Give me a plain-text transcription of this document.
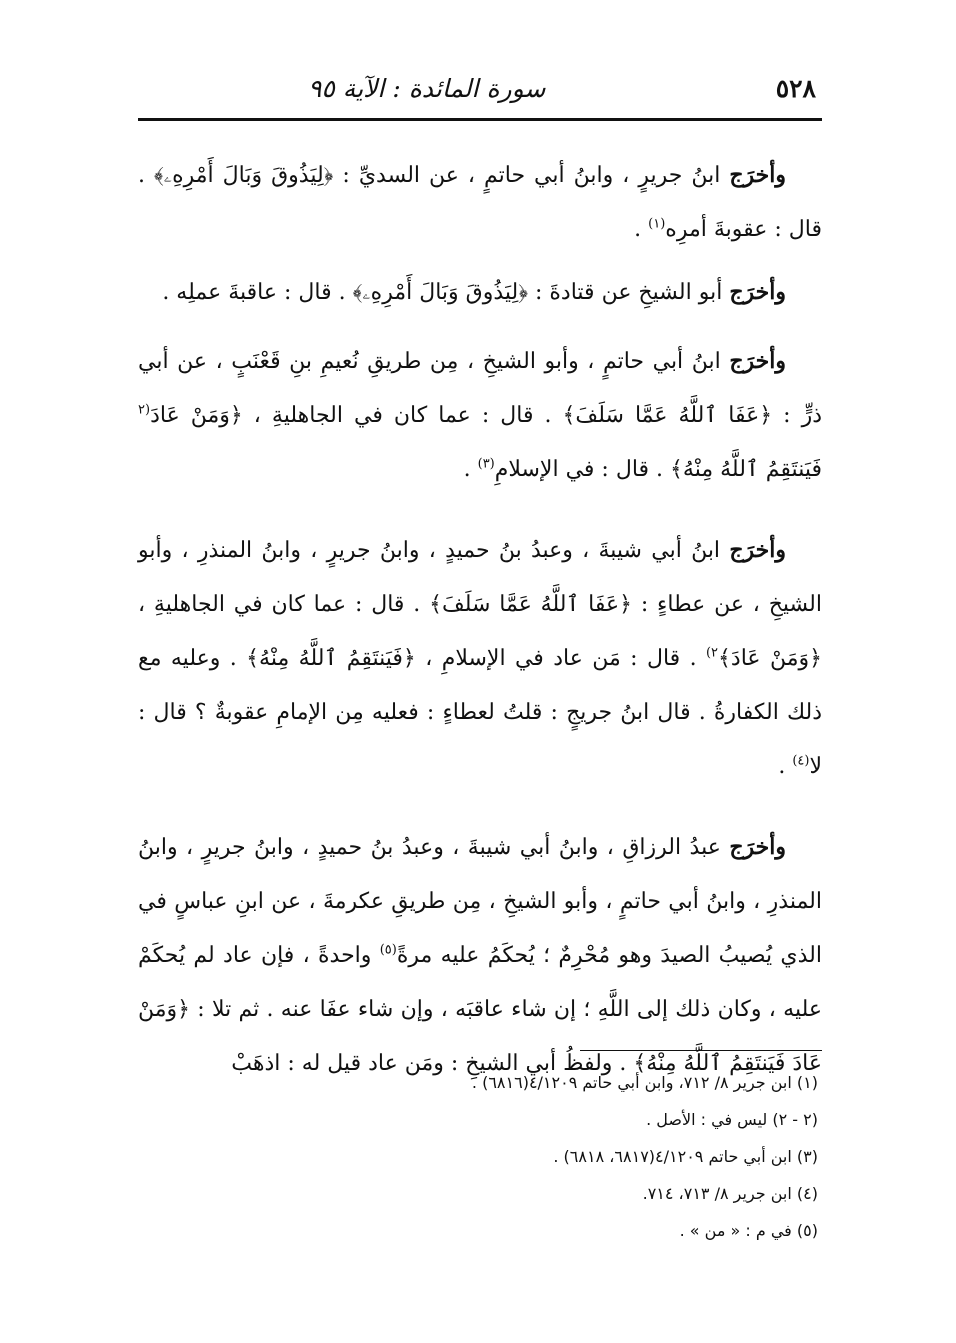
٥٢٨
سورة المائدة : الآية ٩٥

وأخرَج ابنُ جريرٍ ، وابنُ أبي حاتمٍ ، عن السديِّ : ﴿لِيَذُوقَ وَبَالَ أَمْرِهِۦ﴾ . قال : عقوبةَ أمرِه$^{(١)}$ .

وأخرَج أبو الشيخِ عن قتادةَ : ﴿لِيَذُوقَ وَبَالَ أَمْرِهِۦ﴾ . قال : عاقبةَ عملِه .

وأخرَج ابنُ أبي حاتمٍ ، وأبو الشيخِ ، مِن طريقِ نُعيمِ بنِ قَعْنَبٍ ، عن أبي ذرٍّ : ﴿عَفَا ٱللَّهُ عَمَّا سَلَفَ﴾ . قال : عما كان في الجاهليةِ ، ﴿وَمَنْ عَادَ$^{(٢}$ فَيَنتَقِمُ ٱللَّهُ مِنْهُ﴾ . قال : في الإسلامِ$^{(٣)}$ .

وأخرَج ابنُ أبي شيبةَ ، وعبدُ بنُ حميدٍ ، وابنُ جريرٍ ، وابنُ المنذرِ ، وأبو الشيخِ ، عن عطاءٍ : ﴿عَفَا ٱللَّهُ عَمَّا سَلَفَ﴾ . قال : عما كان في الجاهليةِ ، ﴿وَمَنْ عَادَ﴾$^{٢)}$ . قال : مَن عاد في الإسلامِ ، ﴿فَيَنتَقِمُ ٱللَّهُ مِنْهُ﴾ . وعليه مع ذلك الكفارةُ . قال ابنُ جريجٍ : قلتُ لعطاءٍ : فعليه مِن الإمامِ عقوبةٌ ؟ قال : لا$^{(٤)}$ .

وأخرَج عبدُ الرزاقِ ، وابنُ أبي شيبةَ ، وعبدُ بنُ حميدٍ ، وابنُ جريرٍ ، وابنُ المنذرِ ، وابنُ أبي حاتمٍ ، وأبو الشيخِ ، مِن طريقِ عكرمةَ ، عن ابنِ عباسٍ في الذي يُصيبُ الصيدَ وهو مُحْرِمٌ ؛ يُحكَمُ عليه مرةً$^{(٥)}$ واحدةً ، فإن عاد لم يُحكَمْ عليه ، وكان ذلك إلى اللَّهِ ؛ إن شاء عاقبَه ، وإن شاء عفَا عنه . ثم تلا : ﴿وَمَنْ عَادَ فَيَنتَقِمُ ٱللَّهُ مِنْهُ﴾ . ولفظُ أبي الشيخِ : ومَن عاد قيل له : اذهَبْ

(١) ابن جرير ٨/ ٧١٢، وابن أبي حاتم ٤/١٢٠٩(٦٨١٦) .

(٢ - ٢) ليس في : الأصل .

(٣) ابن أبي حاتم ٤/١٢٠٩(٦٨١٧، ٦٨١٨) .

(٤) ابن جرير ٨/ ٧١٣، ٧١٤.

(٥) في م : « من » .
